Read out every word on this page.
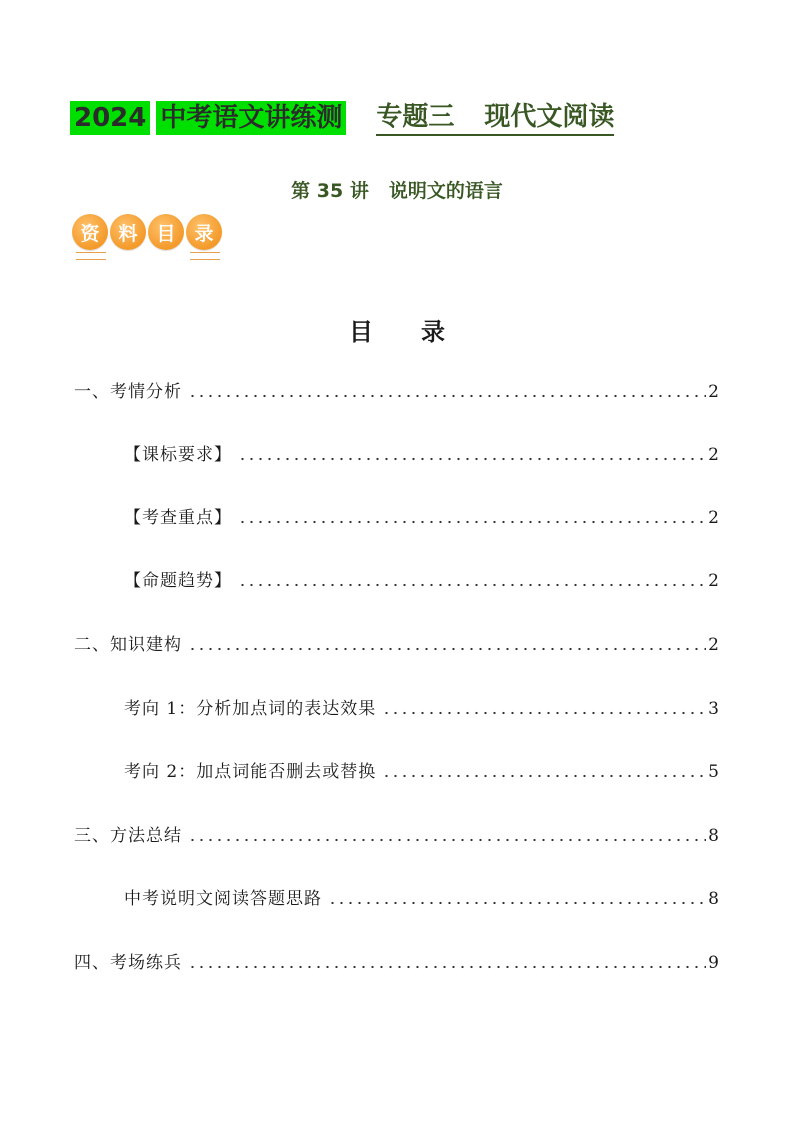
2024 中考语文讲练测 专题三 现代文阅读
第 35 讲 说明文的语言
资 料 目 录
目 录
一、考情分析	2
【课标要求】	2
【考查重点】	2
【命题趋势】	2
二、知识建构	2
考向 1：分析加点词的表达效果	3
考向 2：加点词能否删去或替换	5
三、方法总结	8
中考说明文阅读答题思路	8
四、考场练兵	9
